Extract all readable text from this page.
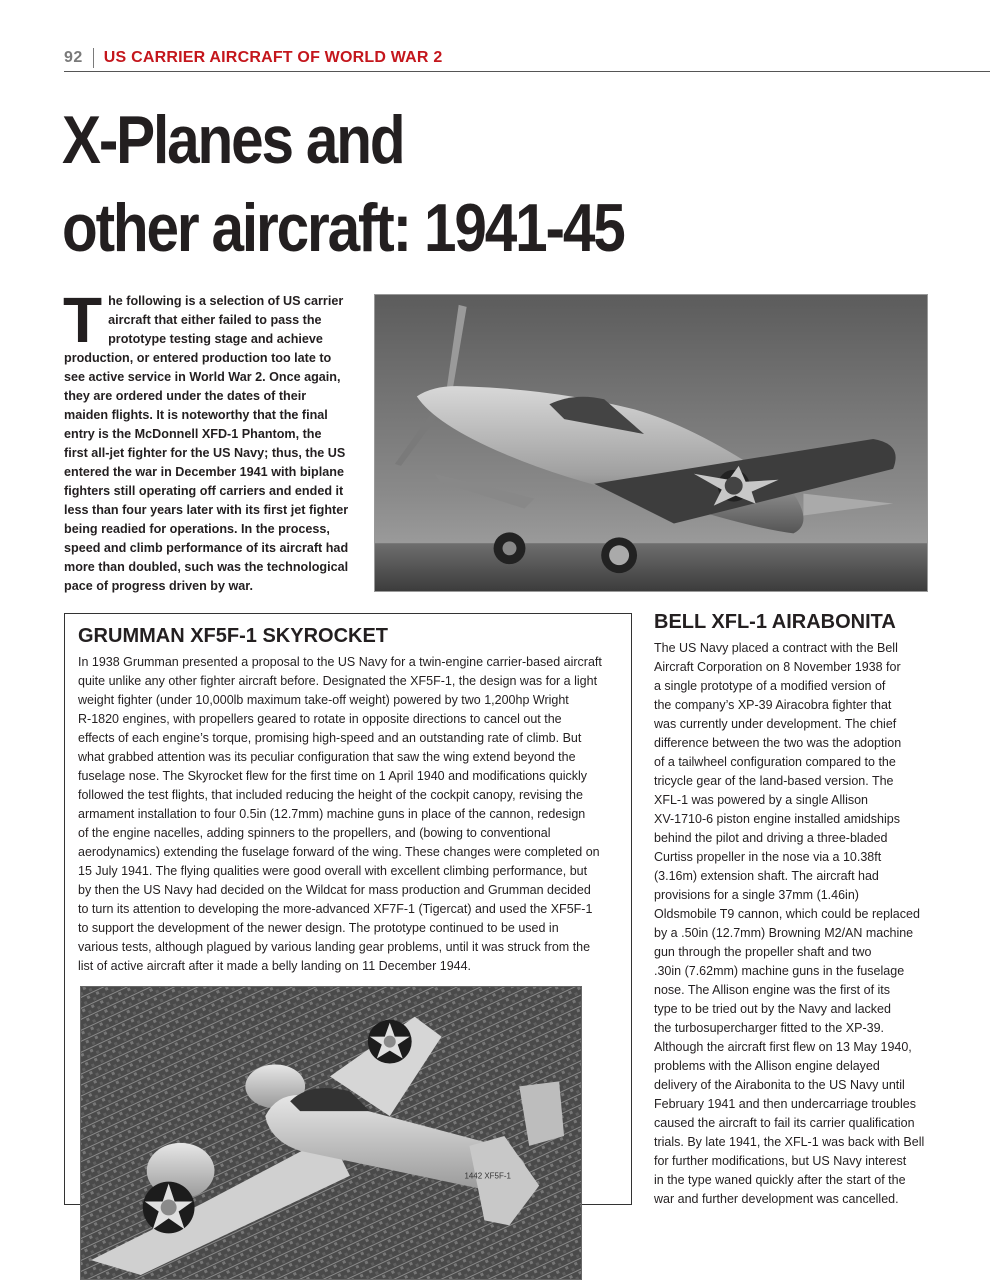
92 US CARRIER AIRCRAFT OF WORLD WAR 2
X-Planes and
other aircraft: 1941-45
T he following is a selection of US carrier
aircraft that either failed to pass the
prototype testing stage and achieve
production, or entered production too late to
see active service in World War 2. Once again,
they are ordered under the dates of their
maiden flights. It is noteworthy that the final
entry is the McDonnell XFD-1 Phantom, the
first all-jet fighter for the US Navy; thus, the US
entered the war in December 1941 with biplane
fighters still operating off carriers and ended it
less than four years later with its first jet fighter
being readied for operations. In the process,
speed and climb performance of its aircraft had
more than doubled, such was the technological
pace of progress driven by war.
GRUMMAN XF5F-1 SKYROCKET
In 1938 Grumman presented a proposal to the US Navy for a twin-engine carrier-based aircraft
quite unlike any other fighter aircraft before. Designated the XF5F-1, the design was for a light
weight fighter (under 10,000lb maximum take-off weight) powered by two 1,200hp Wright
R-1820 engines, with propellers geared to rotate in opposite directions to cancel out the
effects of each engine’s torque, promising high-speed and an outstanding rate of climb. But
what grabbed attention was its peculiar configuration that saw the wing extend beyond the
fuselage nose. The Skyrocket flew for the first time on 1 April 1940 and modifications quickly
followed the test flights, that included reducing the height of the cockpit canopy, revising the
armament installation to four 0.5in (12.7mm) machine guns in place of the cannon, redesign
of the engine nacelles, adding spinners to the propellers, and (bowing to conventional
aerodynamics) extending the fuselage forward of the wing. These changes were completed on
15 July 1941. The flying qualities were good overall with excellent climbing performance, but
by then the US Navy had decided on the Wildcat for mass production and Grumman decided
to turn its attention to developing the more-advanced XF7F-1 (Tigercat) and used the XF5F-1
to support the development of the newer design. The prototype continued to be used in
various tests, although plagued by various landing gear problems, until it was struck from the
list of active aircraft after it made a belly landing on 11 December 1944.
1442 XF5F-1
BELL XFL-1 AIRABONITA
The US Navy placed a contract with the Bell
Aircraft Corporation on 8 November 1938 for
a single prototype of a modified version of
the company’s XP-39 Airacobra fighter that
was currently under development. The chief
difference between the two was the adoption
of a tailwheel configuration compared to the
tricycle gear of the land-based version. The
XFL-1 was powered by a single Allison
XV-1710-6 piston engine installed amidships
behind the pilot and driving a three-bladed
Curtiss propeller in the nose via a 10.38ft
(3.16m) extension shaft. The aircraft had
provisions for a single 37mm (1.46in)
Oldsmobile T9 cannon, which could be replaced
by a .50in (12.7mm) Browning M2/AN machine
gun through the propeller shaft and two
.30in (7.62mm) machine guns in the fuselage
nose. The Allison engine was the first of its
type to be tried out by the Navy and lacked
the turbosupercharger fitted to the XP-39.
Although the aircraft first flew on 13 May 1940,
problems with the Allison engine delayed
delivery of the Airabonita to the US Navy until
February 1941 and then undercarriage troubles
caused the aircraft to fail its carrier qualification
trials. By late 1941, the XFL-1 was back with Bell
for further modifications, but US Navy interest
in the type waned quickly after the start of the
war and further development was cancelled.
